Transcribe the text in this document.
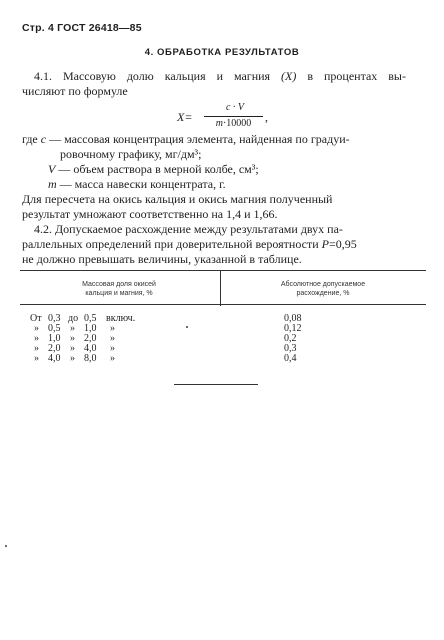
Стр. 4 ГОСТ 26418—85
4. ОБРАБОТКА РЕЗУЛЬТАТОВ
4.1. Массовую долю кальция и магния (X) в процентах вы-
числяют по формуле
X=
c · V
m·10000	,
где c — массовая концентрация элемента, найденная по градуи-
ровочному графику, мг/дм³;
V — объем раствора в мерной колбе, см³;
m — масса навески концентрата, г.
Для пересчета на окись кальция и окись магния полученный
результат умножают соответственно на 1,4 и 1,66.
4.2. Допускаемое расхождение между результатами двух па-
раллельных определений при доверительной вероятности P=0,95
не должно превышать величины, указанной в таблице.
Массовая доля окисей
кальция и магния, %
Абсолютное допускаемое
расхождение, %
От 0,3 до 0,5 включ.
» 0,5 » 1,0 »
» 1,0 » 2,0 »
» 2,0 » 4,0 »
» 4,0 » 8,0 »
0,08
0,12
0,2
0,3
0,4
